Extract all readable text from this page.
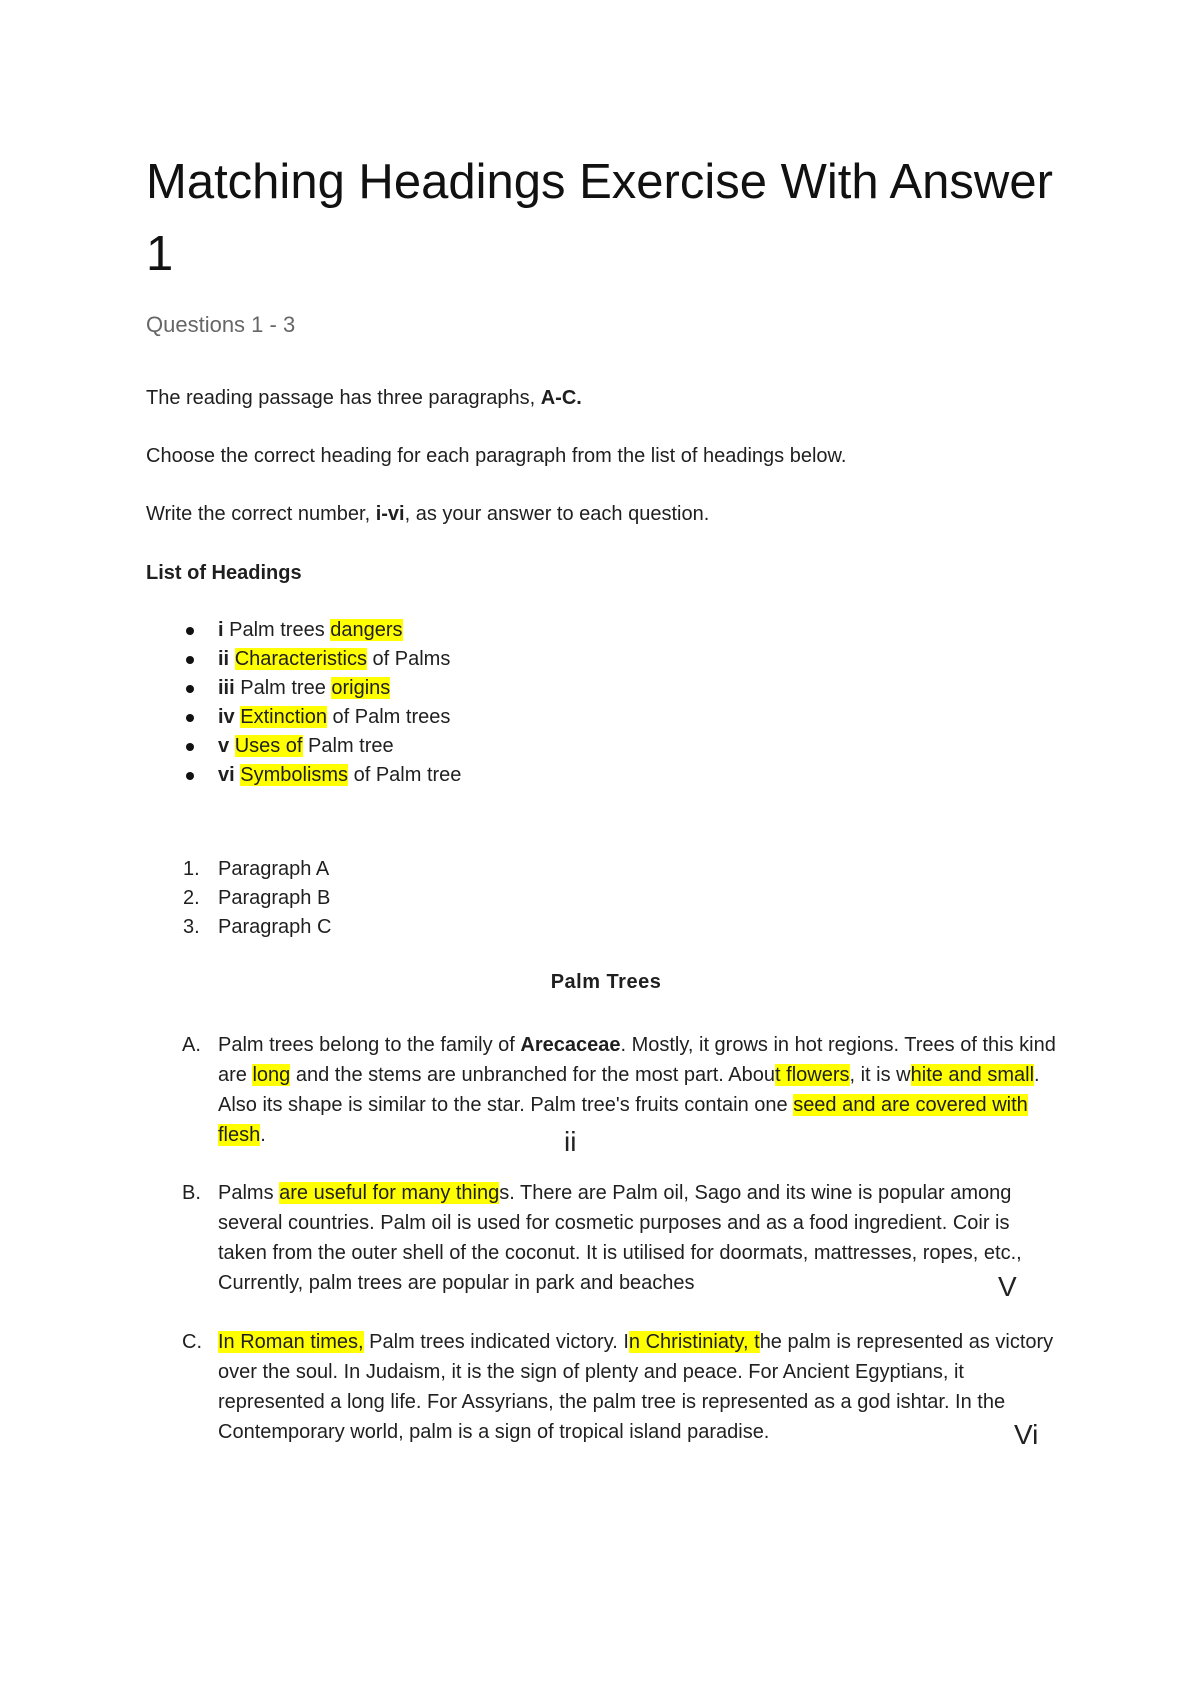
Matching Headings Exercise With Answer 1

Questions 1 - 3

The reading passage has three paragraphs, A-C.

Choose the correct heading for each paragraph from the list of headings below.

Write the correct number, i-vi, as your answer to each question.

List of Headings

i Palm trees dangers
ii Characteristics of Palms
iii Palm tree origins
iv Extinction of Palm trees
v Uses of Palm tree
vi Symbolisms of Palm tree
1. Paragraph A
2. Paragraph B
3. Paragraph C
Palm Trees
A. Palm trees belong to the family of Arecaceae. Mostly, it grows in hot regions. Trees of this kind are long and the stems are unbranched for the most part. About flowers, it is white and small. Also its shape is similar to the star. Palm tree's fruits contain one seed and are covered with flesh.	ii
B. Palms are useful for many things. There are Palm oil, Sago and its wine is popular among several countries. Palm oil is used for cosmetic purposes and as a food ingredient. Coir is taken from the outer shell of the coconut. It is utilised for doormats, mattresses, ropes, etc., Currently, palm trees are popular in park and beaches	V
C. In Roman times, Palm trees indicated victory. In Christiniaty, the palm is represented as victory over the soul. In Judaism, it is the sign of plenty and peace. For Ancient Egyptians, it represented a long life. For Assyrians, the palm tree is represented as a god ishtar. In the Contemporary world, palm is a sign of tropical island paradise.	Vi
